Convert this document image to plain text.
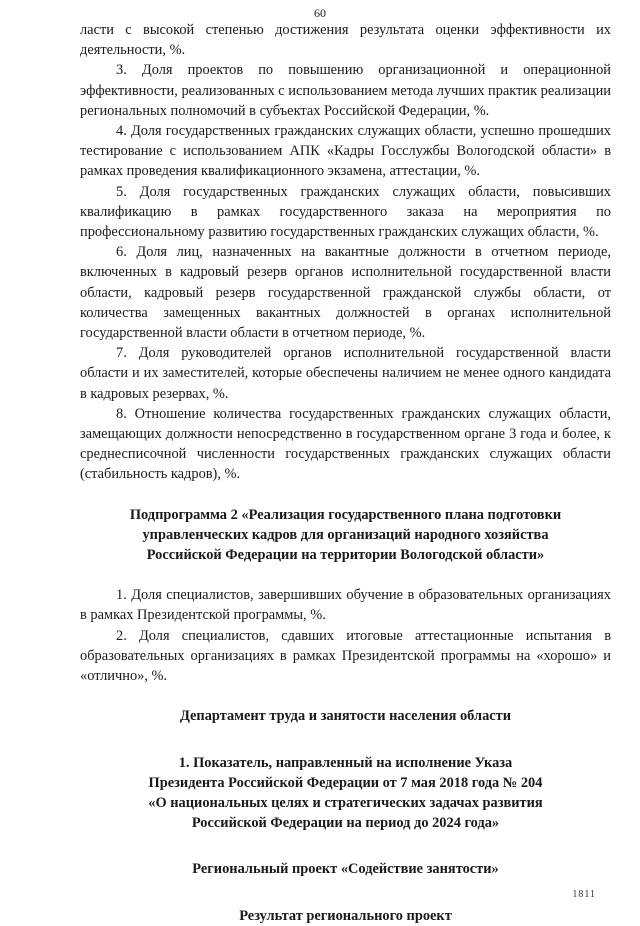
60

ласти с высокой степенью достижения результата оценки эффективности их деятельности, %.

3. Доля проектов по повышению организационной и операционной эффективности, реализованных с использованием метода лучших практик реализации региональных полномочий в субъектах Российской Федерации, %.

4. Доля государственных гражданских служащих области, успешно прошедших тестирование с использованием АПК «Кадры Госслужбы Вологодской области» в рамках проведения квалификационного экзамена, аттестации, %.

5. Доля государственных гражданских служащих области, повысивших квалификацию в рамках государственного заказа на мероприятия по профессиональному развитию государственных гражданских служащих области, %.

6. Доля лиц, назначенных на вакантные должности в отчетном периоде, включенных в кадровый резерв органов исполнительной государственной власти области, кадровый резерв государственной гражданской службы области, от количества замещенных вакантных должностей в органах исполнительной государственной власти области в отчетном периоде, %.

7. Доля руководителей органов исполнительной государственной власти области и их заместителей, которые обеспечены наличием не менее одного кандидата в кадровых резервах, %.

8. Отношение количества государственных гражданских служащих области, замещающих должности непосредственно в государственном органе 3 года и более, к среднесписочной численности государственных гражданских служащих области (стабильность кадров), %.

Подпрограмма 2 «Реализация государственного плана подготовки
управленческих кадров для организаций народного хозяйства
Российской Федерации на территории Вологодской области»

1. Доля специалистов, завершивших обучение в образовательных организациях в рамках Президентской программы, %.

2. Доля специалистов, сдавших итоговые аттестационные испытания в образовательных организациях в рамках Президентской программы на «хорошо» и «отлично», %.

Департамент труда и занятости населения области
1. Показатель, направленный на исполнение Указа
Президента Российской Федерации от 7 мая 2018 года № 204
«О национальных целях и стратегических задачах развития
Российской Федерации на период до 2024 года»
Региональный проект «Содействие занятости»
Результат регионального проект
1811
